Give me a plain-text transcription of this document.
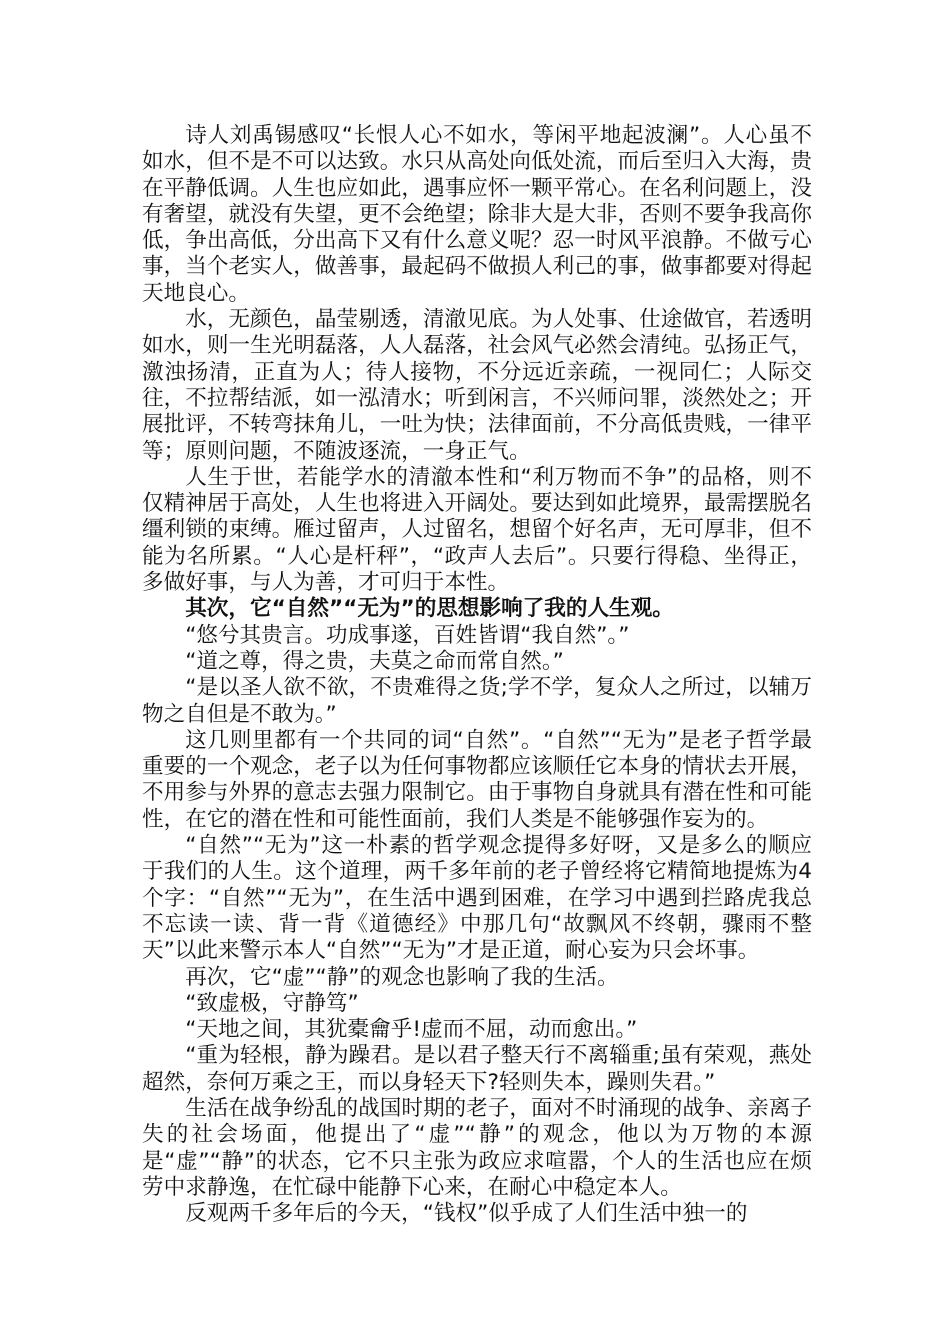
诗人刘禹锡感叹“长恨人心不如水，等闲平地起波澜”。人心虽不如水，但不是不可以达致。水只从高处向低处流，而后至归入大海，贵在平静低调。人生也应如此，遇事应怀一颗平常心。在名利问题上，没有奢望，就没有失望，更不会绝望；除非大是大非，否则不要争我高你低，争出高低，分出高下又有什么意义呢？忍一时风平浪静。不做亏心事，当个老实人，做善事，最起码不做损人利己的事，做事都要对得起天地良心。

水，无颜色，晶莹剔透，清澈见底。为人处事、仕途做官，若透明如水，则一生光明磊落，人人磊落，社会风气必然会清纯。弘扬正气，激浊扬清，正直为人；待人接物，不分远近亲疏，一视同仁；人际交往，不拉帮结派，如一泓清水；听到闲言，不兴师问罪，淡然处之；开展批评，不转弯抹角儿，一吐为快；法律面前，不分高低贵贱，一律平等；原则问题，不随波逐流，一身正气。

人生于世，若能学水的清澈本性和“利万物而不争”的品格，则不仅精神居于高处，人生也将进入开阔处。要达到如此境界，最需摆脱名缰利锁的束缚。雁过留声，人过留名，想留个好名声，无可厚非，但不能为名所累。“人心是杆秤”，“政声人去后”。只要行得稳、坐得正，多做好事，与人为善，才可归于本性。

其次，它“自然”“无为”的思想影响了我的人生观。

“悠兮其贵言。功成事遂，百姓皆谓“我自然”。”

“道之尊，得之贵，夫莫之命而常自然。”

“是以圣人欲不欲，不贵难得之货;学不学，复众人之所过，以辅万物之自但是不敢为。”

这几则里都有一个共同的词“自然”。“自然”“无为”是老子哲学最重要的一个观念，老子以为任何事物都应该顺任它本身的情状去开展，不用参与外界的意志去强力限制它。由于事物自身就具有潜在性和可能性，在它的潜在性和可能性面前，我们人类是不能够强作妄为的。

“自然”“无为”这一朴素的哲学观念提得多好呀，又是多么的顺应于我们的人生。这个道理，两千多年前的老子曾经将它精简地提炼为4个字：“自然”“无为”，在生活中遇到困难，在学习中遇到拦路虎我总不忘读一读、背一背《道德经》中那几句“故飘风不终朝，骤雨不整天”以此来警示本人“自然”“无为”才是正道，耐心妄为只会坏事。

再次，它“虚”“静”的观念也影响了我的生活。

“致虚极，守静笃”

“天地之间，其犹橐龠乎!虚而不屈，动而愈出。”

“重为轻根，静为躁君。是以君子整天行不离辎重;虽有荣观，燕处超然，奈何万乘之王，而以身轻天下?轻则失本，躁则失君。”

生活在战争纷乱的战国时期的老子，面对不时涌现的战争、亲离子失的社会场面，他提出了“虚”“静”的观念，他以为万物的本源是“虚”“静”的状态，它不只主张为政应求喧嚣，个人的生活也应在烦劳中求静逸，在忙碌中能静下心来，在耐心中稳定本人。

反观两千多年后的今天，“钱权”似乎成了人们生活中独一的
